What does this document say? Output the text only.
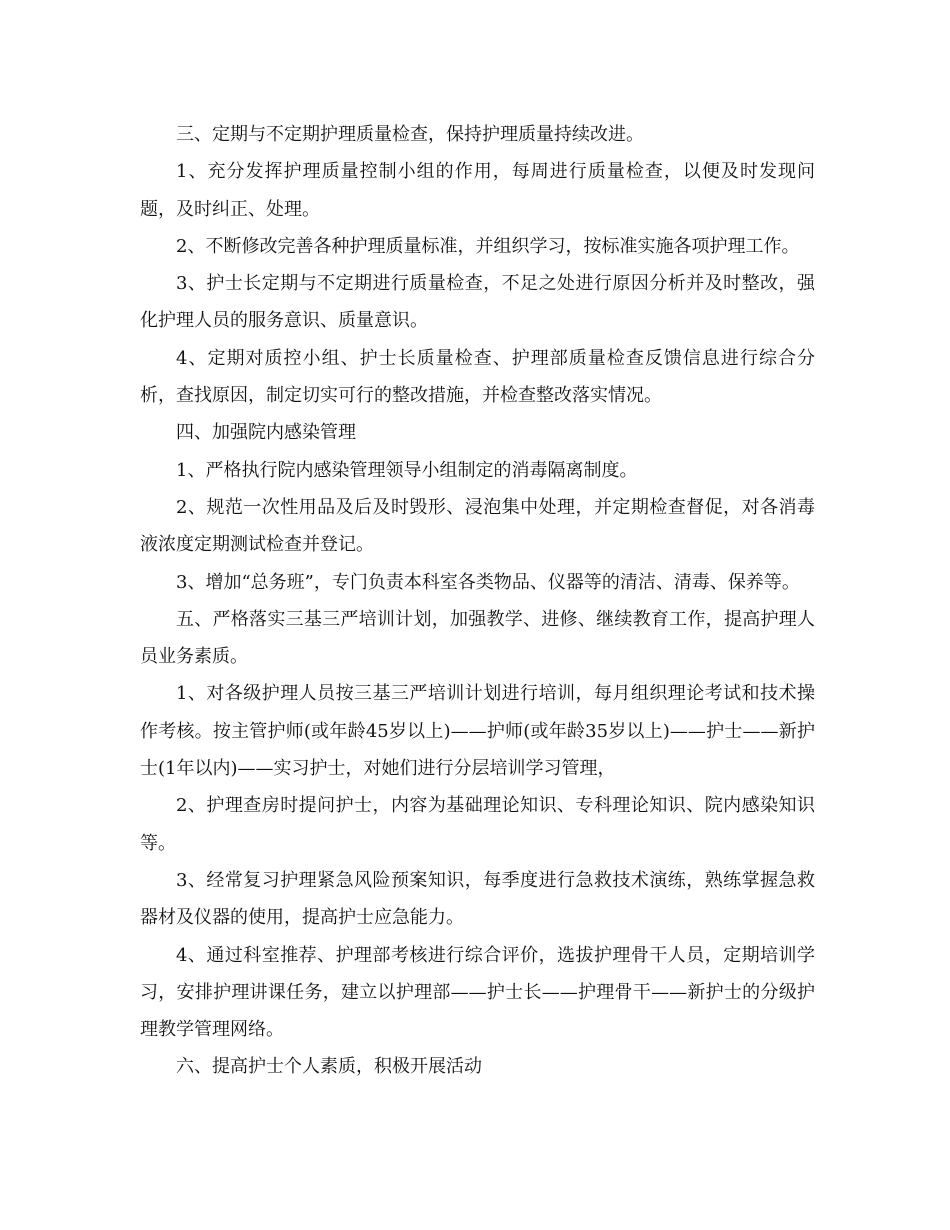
三、定期与不定期护理质量检查，保持护理质量持续改进。

1、充分发挥护理质量控制小组的作用，每周进行质量检查，以便及时发现问题，及时纠正、处理。

2、不断修改完善各种护理质量标准，并组织学习，按标准实施各项护理工作。

3、护士长定期与不定期进行质量检查，不足之处进行原因分析并及时整改，强化护理人员的服务意识、质量意识。

4、定期对质控小组、护士长质量检查、护理部质量检查反馈信息进行综合分析，查找原因，制定切实可行的整改措施，并检查整改落实情况。

四、加强院内感染管理

1、严格执行院内感染管理领导小组制定的消毒隔离制度。

2、规范一次性用品及后及时毁形、浸泡集中处理，并定期检查督促，对各消毒液浓度定期测试检查并登记。

3、增加“总务班”，专门负责本科室各类物品、仪器等的清洁、清毒、保养等。

五、严格落实三基三严培训计划，加强教学、进修、继续教育工作，提高护理人员业务素质。

1、对各级护理人员按三基三严培训计划进行培训，每月组织理论考试和技术操作考核。按主管护师(或年龄45岁以上)——护师(或年龄35岁以上)——护士——新护士(1年以内)——实习护士，对她们进行分层培训学习管理，

2、护理查房时提问护士，内容为基础理论知识、专科理论知识、院内感染知识等。

3、经常复习护理紧急风险预案知识，每季度进行急救技术演练，熟练掌握急救器材及仪器的使用，提高护士应急能力。

4、通过科室推荐、护理部考核进行综合评价，选拔护理骨干人员，定期培训学习，安排护理讲课任务，建立以护理部——护士长——护理骨干——新护士的分级护理教学管理网络。

六、提高护士个人素质，积极开展活动
